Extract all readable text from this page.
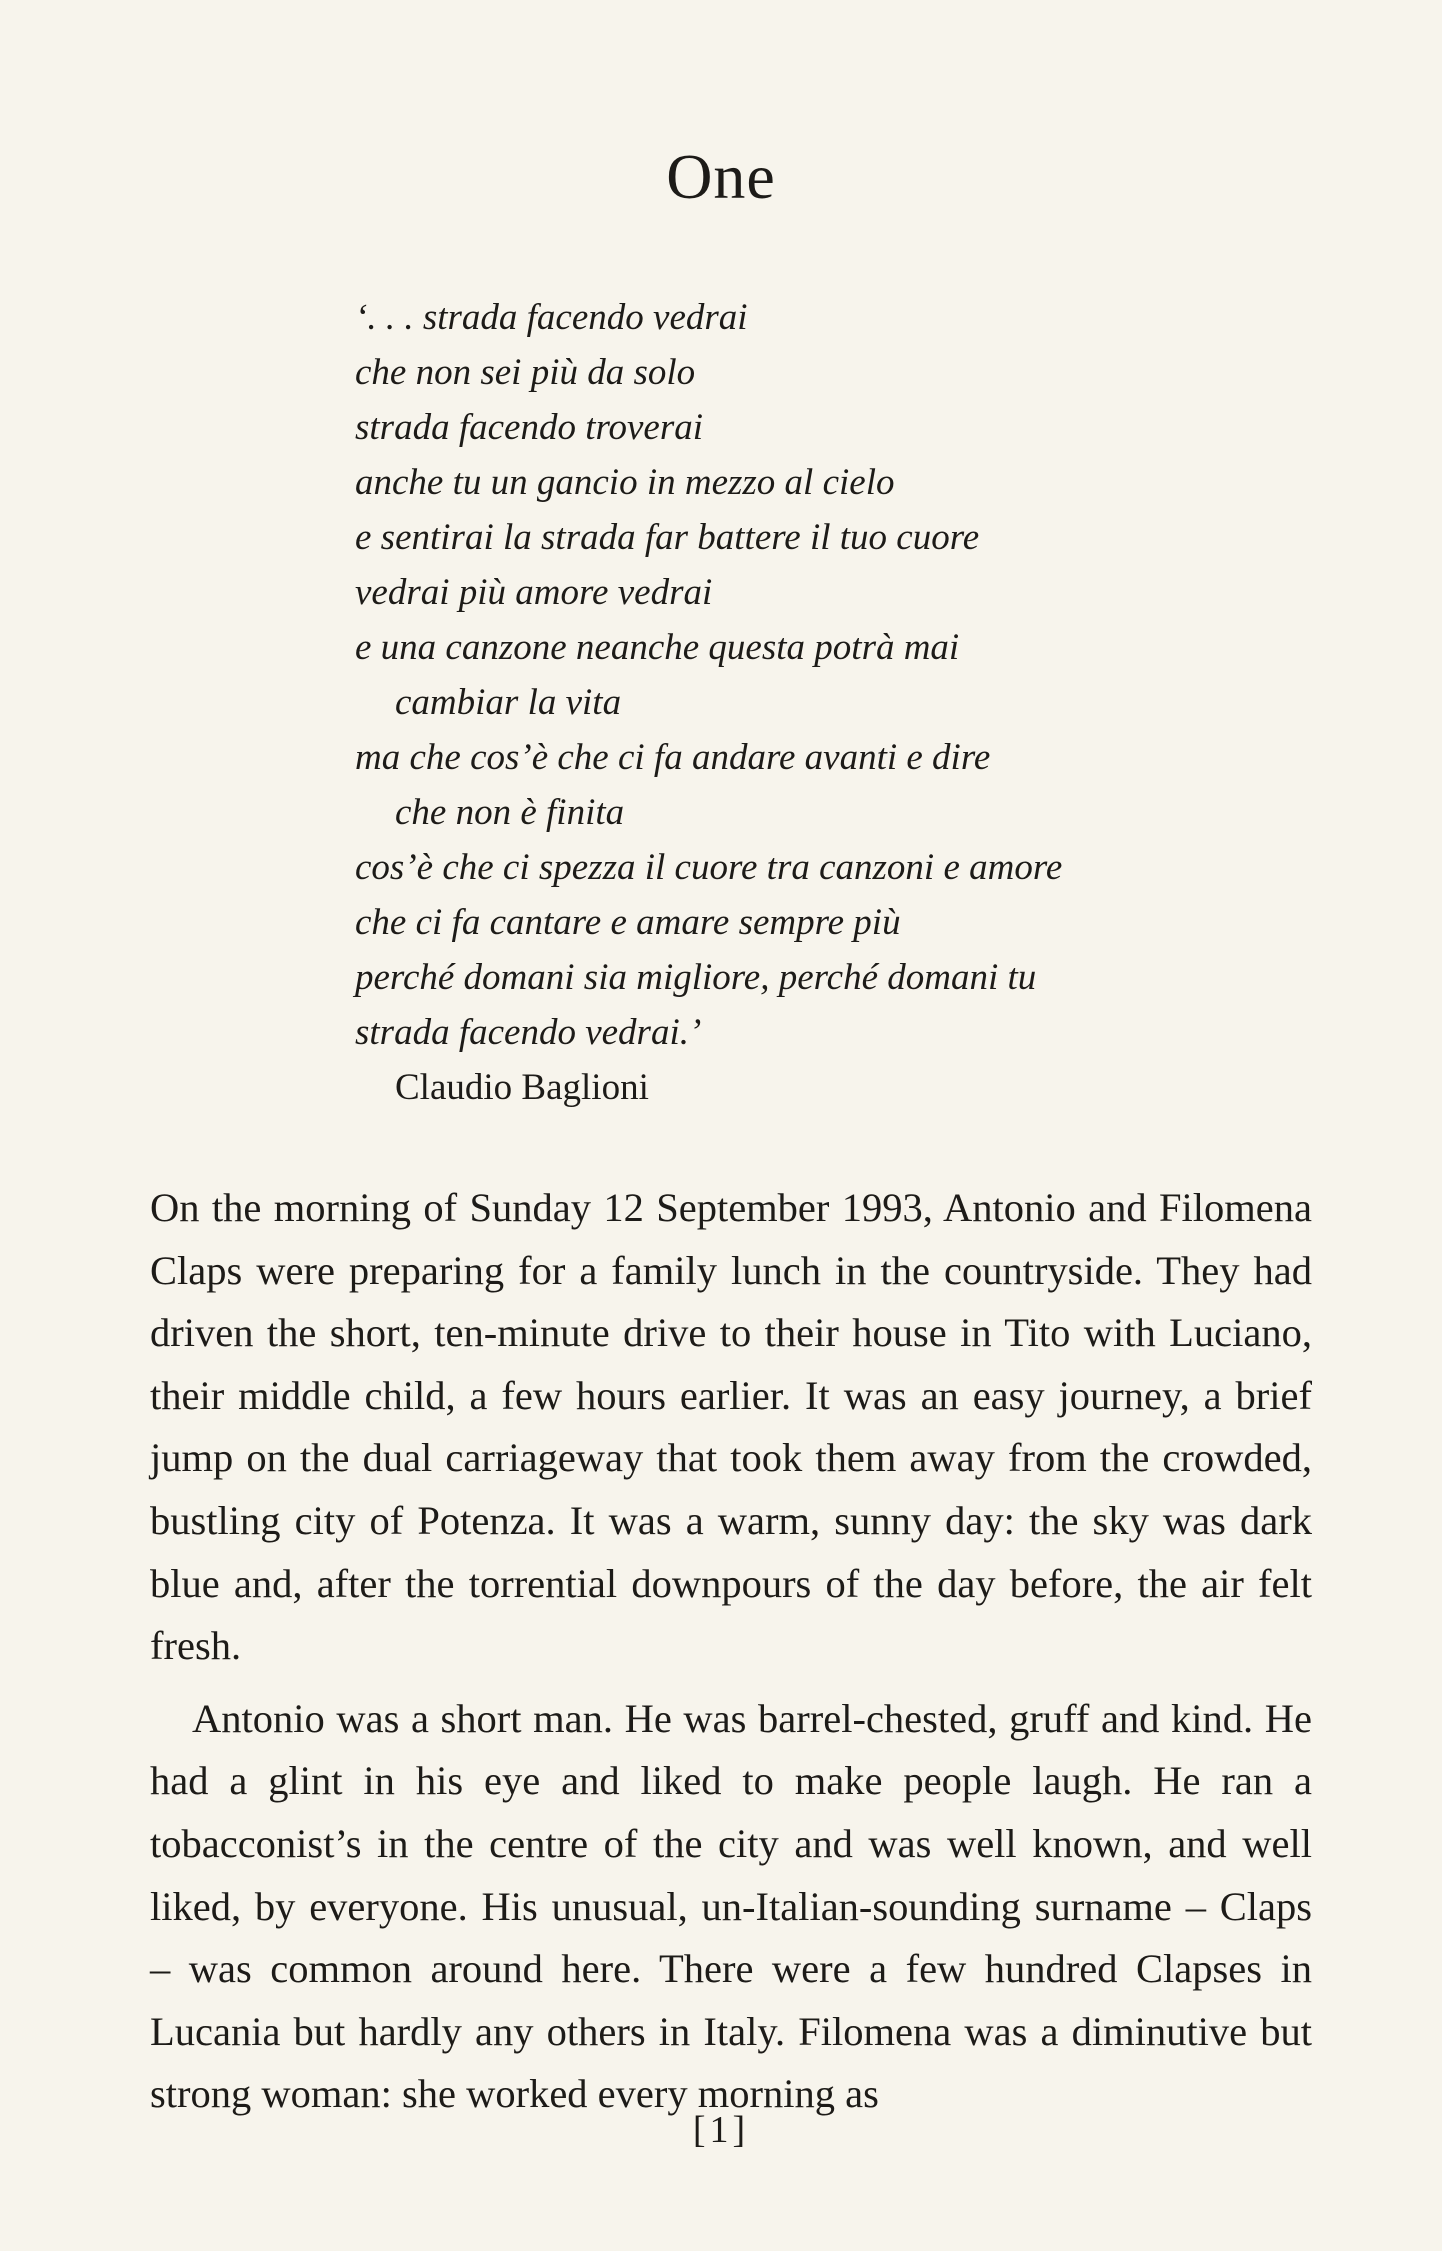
One
‘. . . strada facendo vedrai
che non sei più da solo
strada facendo troverai
anche tu un gancio in mezzo al cielo
e sentirai la strada far battere il tuo cuore
vedrai più amore vedrai
e una canzone neanche questa potrà mai
cambiar la vita
ma che cos’è che ci fa andare avanti e dire
che non è finita
cos’è che ci spezza il cuore tra canzoni e amore
che ci fa cantare e amare sempre più
perché domani sia migliore, perché domani tu
strada facendo vedrai.’
Claudio Baglioni

On the morning of Sunday 12 September 1993, Antonio and Filomena Claps were preparing for a family lunch in the countryside. They had driven the short, ten-minute drive to their house in Tito with Luciano, their middle child, a few hours earlier. It was an easy journey, a brief jump on the dual carriageway that took them away from the crowded, bustling city of Potenza. It was a warm, sunny day: the sky was dark blue and, after the torrential downpours of the day before, the air felt fresh.

Antonio was a short man. He was barrel-chested, gruff and kind. He had a glint in his eye and liked to make people laugh. He ran a tobacconist’s in the centre of the city and was well known, and well liked, by everyone. His unusual, un-Italian-sounding surname – Claps – was common around here. There were a few hundred Clapses in Lucania but hardly any others in Italy. Filomena was a diminutive but strong woman: she worked every morning as

[1]
